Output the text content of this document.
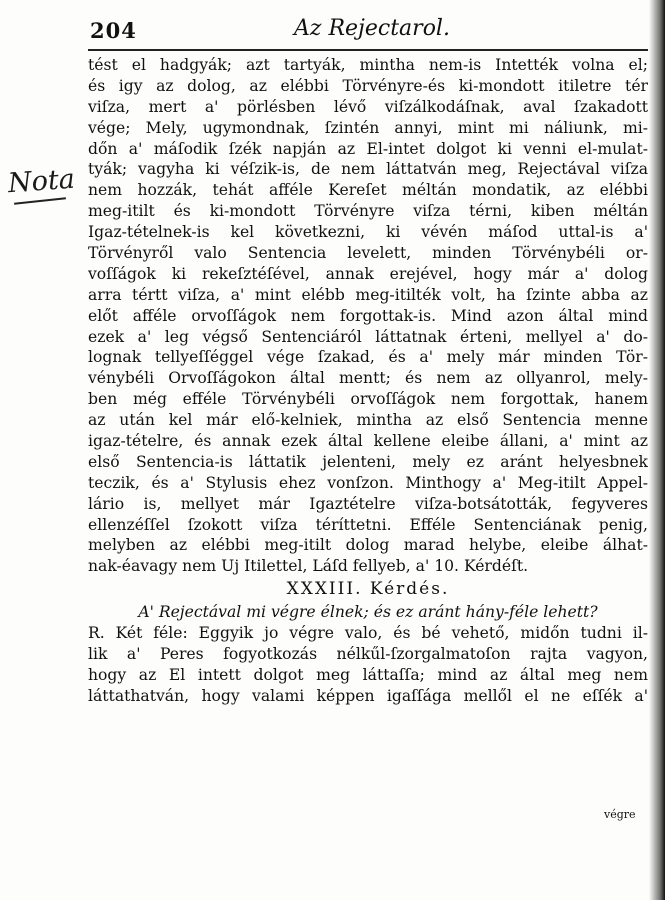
204	Az Rejectarol.
Nota
tést el hadgyák; azt tartyák, mintha nem-is Intették volna el;
és igy az dolog, az elébbi Törvényre-és ki-mondott itiletre tér
viſza, mert a' pörlésben lévő viſzálkodáſnak, aval ſzakadott
vége; Mely, ugymondnak, ſzintén annyi, mint mi náliunk, mi-
dőn a' máſodik ſzék napján az El-intet dolgot ki venni el-mulat-
tyák; vagyha ki véſzik-is, de nem láttatván meg, Rejectával viſza
nem hozzák, tehát afféle Kereſet méltán mondatik, az elébbi
meg-itilt és ki-mondott Törvényre viſza térni, kiben méltán
Igaz-tételnek-is kel következni, ki vévén máſod uttal-is a'
Törvényről valo Sentencia levelett, minden Törvénybéli or-
voſſágok ki rekeſztéſével, annak erejével, hogy már a' dolog
arra tértt viſza, a' mint elébb meg-itilték volt, ha ſzinte abba az
előt afféle orvoſſágok nem forgottak-is. Mind azon által mind
ezek a' leg végső Sentenciáról láttatnak érteni, mellyel a' do-
lognak tellyeſſéggel vége ſzakad, és a' mely már minden Tör-
vénybéli Orvoſſágokon által mentt; és nem az ollyanrol, mely-
ben még efféle Törvénybéli orvoſſágok nem forgottak, hanem
az után kel már elő-kelniek, mintha az első Sentencia menne
igaz-tételre, és annak ezek által kellene eleibe állani, a' mint az
első Sentencia-is láttatik jelenteni, mely ez aránt helyesbnek
teczik, és a' Stylusis ehez vonſzon. Minthogy a' Meg-itilt Appel-
lário is, mellyet már Igaztételre viſza-botsátották, fegyveres
ellenzéſſel ſzokott viſza téríttetni. Efféle Sentenciának penig,
melyben az elébbi meg-itilt dolog marad helybe, eleibe álhat-
nak-éavagy nem Uj Itilettel, Láſd fellyeb, a' 10. Kérdéſt.
XXXIII. Kérdés.
A' Rejectával mi végre élnek; és ez aránt hány-féle lehett?
R. Két féle: Eggyik jo végre valo, és bé vehető, midőn tudni il-
lik a' Peres fogyotkozás nélkűl-ſzorgalmatoſon rajta vagyon,
hogy az El intett dolgot meg láttaſſa; mind az által meg nem
láttathatván, hogy valami képpen igaſſága mellől el ne eſſék a'
végre
